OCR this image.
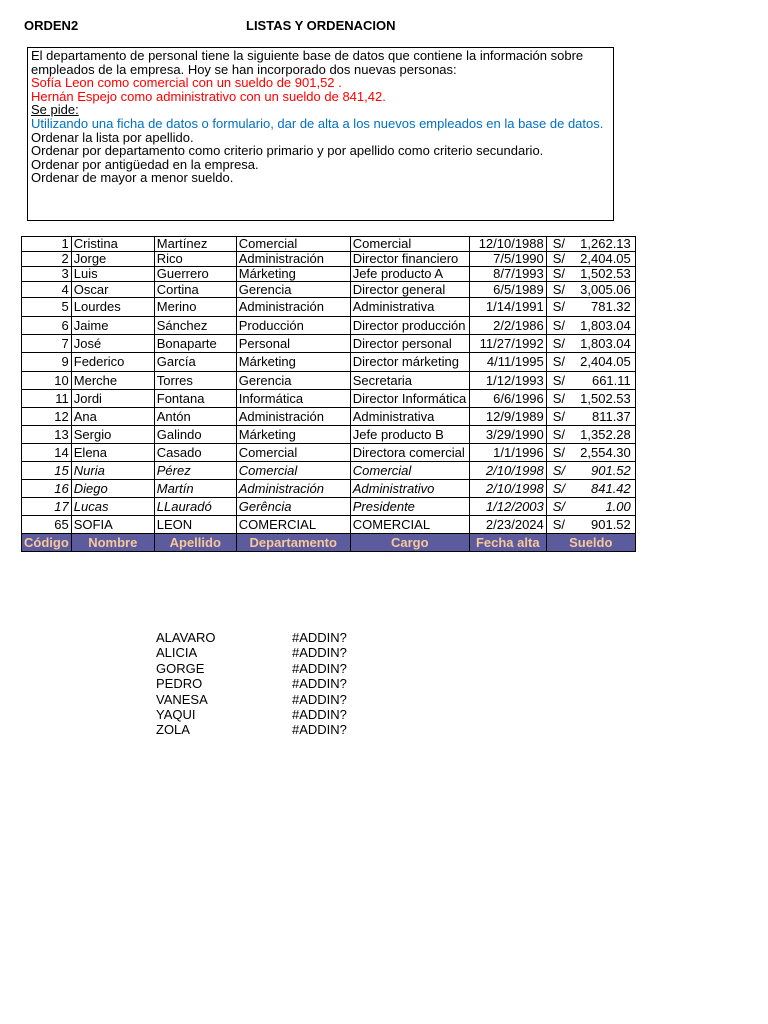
ORDEN2	LISTAS Y ORDENACION
El departamento de personal tiene la siguiente base de datos que contiene la información sobre
empleados de la empresa. Hoy se han incorporado dos nuevas personas:
Sofía Leon como comercial con un sueldo de 901,52 .
Hernán Espejo como administrativo con un sueldo de 841,42.
Se pide:
Utilizando una ficha de datos o formulario, dar de alta a los nuevos empleados en la base de datos.
Ordenar la lista por apellido.
Ordenar por departamento como criterio primario y por apellido como criterio secundario.
Ordenar por antigüedad en la empresa.
Ordenar de mayor a menor sueldo.
1	Cristina	Martínez	Comercial	Comercial	12/10/1988	S/ 1,262.13

2	Jorge	Rico	Administración	Director financiero	7/5/1990	S/ 2,404.05

3	Luis	Guerrero	Márketing	Jefe producto A	8/7/1993	S/ 1,502.53

4	Oscar	Cortina	Gerencia	Director general	6/5/1989	S/ 3,005.06

5	Lourdes	Merino	Administración	Administrativa	1/14/1991	S/ 781.32

6	Jaime	Sánchez	Producción	Director producción	2/2/1986	S/ 1,803.04

7	José	Bonaparte	Personal	Director personal	11/27/1992	S/ 1,803.04

9	Federico	García	Márketing	Director márketing	4/11/1995	S/ 2,404.05

10	Merche	Torres	Gerencia	Secretaria	1/12/1993	S/ 661.11

11	Jordi	Fontana	Informática	Director Informática	6/6/1996	S/ 1,502.53

12	Ana	Antón	Administración	Administrativa	12/9/1989	S/ 811.37

13	Sergio	Galindo	Márketing	Jefe producto B	3/29/1990	S/ 1,352.28

14	Elena	Casado	Comercial	Directora comercial	1/1/1996	S/ 2,554.30

15	Nuria	Pérez	Comercial	Comercial	2/10/1998	S/ 901.52

16	Diego	Martín	Administración	Administrativo	2/10/1998	S/ 841.42

17	Lucas	LLauradó	Gerência	Presidente	1/12/2003	S/ 1.00

65	SOFIA	LEON	COMERCIAL	COMERCIAL	2/23/2024	S/ 901.52

Código	Nombre	Apellido	Departamento	Cargo	Fecha alta	Sueldo
ALAVARO	#ADDIN?
ALICIA	#ADDIN?
GORGE	#ADDIN?
PEDRO	#ADDIN?
VANESA	#ADDIN?
YAQUI	#ADDIN?
ZOLA	#ADDIN?
